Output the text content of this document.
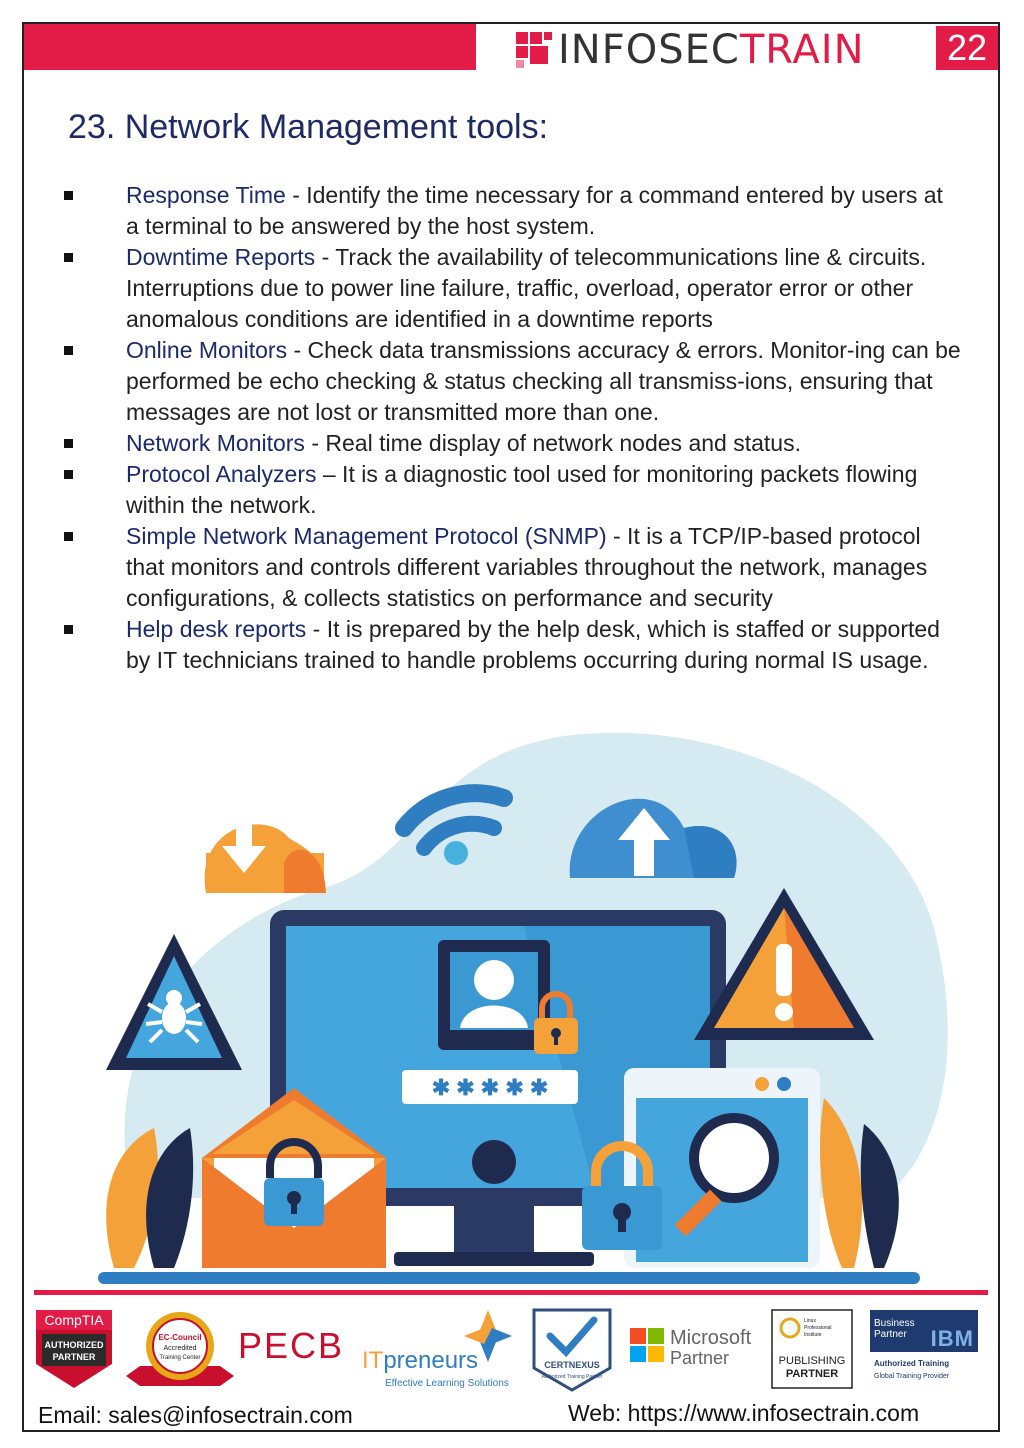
INFOSECTRAIN	22
23. Network Management tools:
Response Time - Identify the time necessary for a command entered by users at a terminal to be answered by the host system.
Downtime Reports - Track the availability of telecommunications line & circuits. Interruptions due to power line failure, traffic, overload, operator error or other anomalous conditions are identified in a downtime reports
Online Monitors - Check data transmissions accuracy & errors. Monitor-ing can be performed be echo checking & status checking all transmiss-ions, ensuring that messages are not lost or transmitted more than one.
Network Monitors - Real time display of network nodes and status.
Protocol Analyzers – It is a diagnostic tool used for monitoring packets flowing within the network.
Simple Network Management Protocol (SNMP) - It is a TCP/IP-based protocol that monitors and controls different variables throughout the network, manages configurations, & collects statistics on performance and security
Help desk reports - It is prepared by the help desk, which is staffed or supported by IT technicians trained to handle problems occurring during normal IS usage.
✱ ✱ ✱ ✱ ✱
CompTIA
AUTHORIZED
PARTNER
EC-Council
Accredited
Training Center PECB ITpreneurs
Effective Learning Solutions
CERTNEXUS
Authorized Training Partner
Microsoft
Partner
Linux
Professional
Institute
PUBLISHING
PARTNER
Business
Partner IBM
Authorized Training
Global Training Provider
Email: sales@infosectrain.com	Web: https://www.infosectrain.com
